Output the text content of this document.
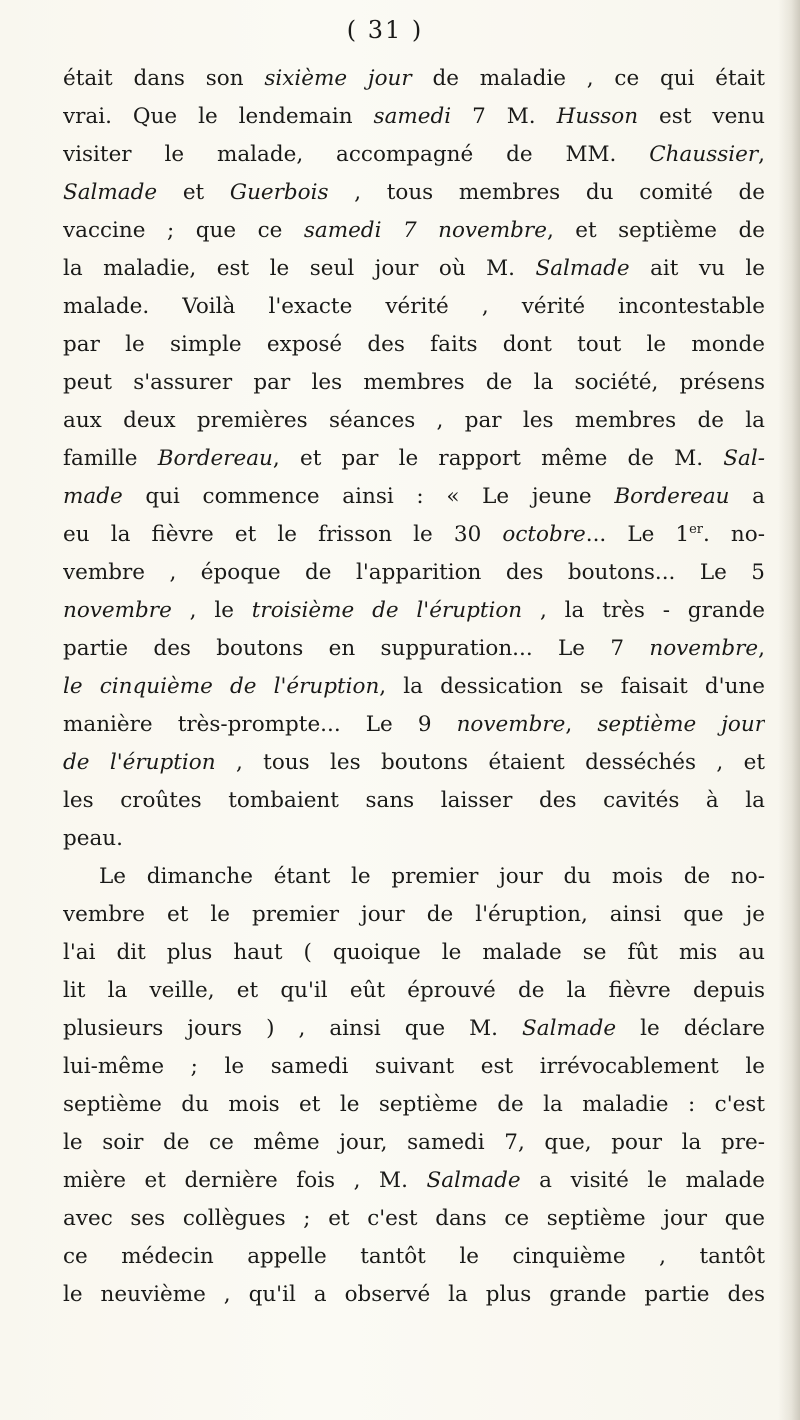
( 31 )

était dans son sixième jour de maladie , ce qui était
vrai. Que le lendemain samedi 7 M. Husson est venu
visiter le malade, accompagné de MM. Chaussier,
Salmade et Guerbois , tous membres du comité de
vaccine ; que ce samedi 7 novembre, et septième de
la maladie, est le seul jour où M. Salmade ait vu le
malade. Voilà l'exacte vérité , vérité incontestable
par le simple exposé des faits dont tout le monde
peut s'assurer par les membres de la société, présens
aux deux premières séances , par les membres de la
famille Bordereau, et par le rapport même de M. Sal-
made qui commence ainsi : « Le jeune Bordereau a
eu la fièvre et le frisson le 30 octobre... Le 1er. no-
vembre , époque de l'apparition des boutons... Le 5
novembre , le troisième de l'éruption , la très - grande
partie des boutons en suppuration... Le 7 novembre,
le cinquième de l'éruption, la dessication se faisait d'une
manière très-prompte... Le 9 novembre, septième jour
de l'éruption , tous les boutons étaient desséchés , et
les croûtes tombaient sans laisser des cavités à la
peau.
Le dimanche étant le premier jour du mois de no-
vembre et le premier jour de l'éruption, ainsi que je
l'ai dit plus haut ( quoique le malade se fût mis au
lit la veille, et qu'il eût éprouvé de la fièvre depuis
plusieurs jours ) , ainsi que M. Salmade le déclare
lui-même ; le samedi suivant est irrévocablement le
septième du mois et le septième de la maladie : c'est
le soir de ce même jour, samedi 7, que, pour la pre-
mière et dernière fois , M. Salmade a visité le malade
avec ses collègues ; et c'est dans ce septième jour que
ce médecin appelle tantôt le cinquième , tantôt
le neuvième , qu'il a observé la plus grande partie des
